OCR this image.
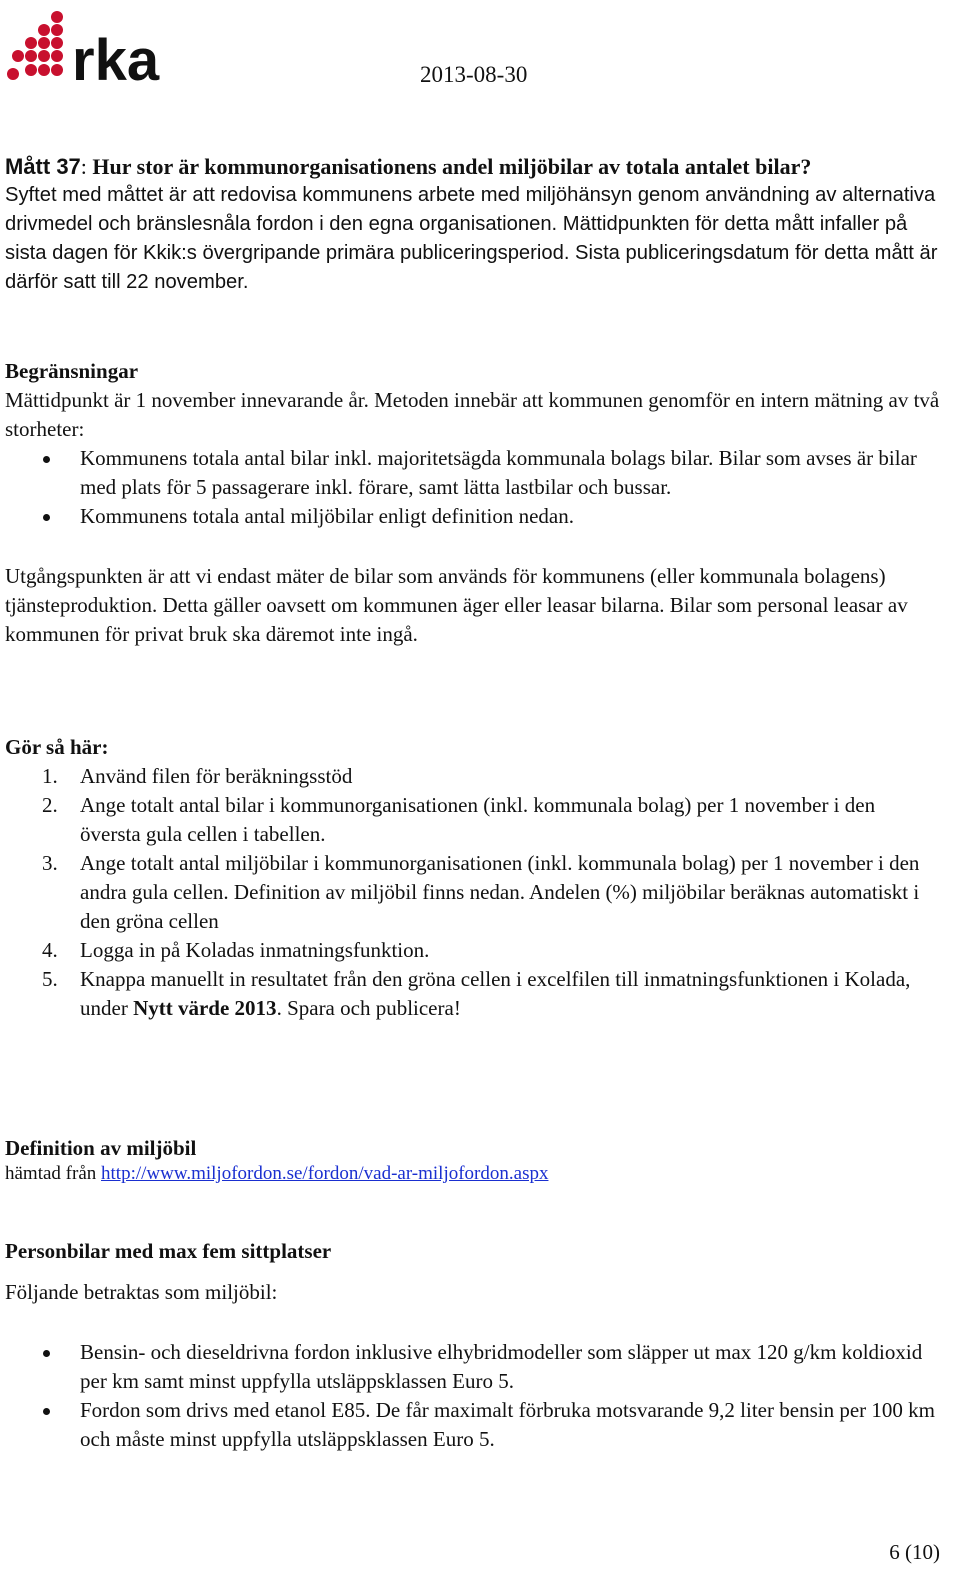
rka	2013-08-30

Mått 37: Hur stor är kommunorganisationens andel miljöbilar av totala antalet bilar?

Syftet med måttet är att redovisa kommunens arbete med miljöhänsyn genom användning av alternativa drivmedel och bränslesnåla fordon i den egna organisationen. Mättidpunkten för detta mått infaller på sista dagen för Kkik:s övergripande primära publiceringsperiod. Sista publiceringsdatum för detta mått är därför satt till 22 november.

Begränsningar

Mättidpunkt är 1 november innevarande år. Metoden innebär att kommunen genomför en intern mätning av två storheter:

Kommunens totala antal bilar inkl. majoritetsägda kommunala bolags bilar. Bilar som avses är bilar med plats för 5 passagerare inkl. förare, samt lätta lastbilar och bussar.
Kommunens totala antal miljöbilar enligt definition nedan.

Utgångspunkten är att vi endast mäter de bilar som används för kommunens (eller kommunala bolagens) tjänsteproduktion. Detta gäller oavsett om kommunen äger eller leasar bilarna. Bilar som personal leasar av kommunen för privat bruk ska däremot inte ingå.

Gör så här:

1. Använd filen för beräkningsstöd
2. Ange totalt antal bilar i kommunorganisationen (inkl. kommunala bolag) per 1 november i den översta gula cellen i tabellen.
3. Ange totalt antal miljöbilar i kommunorganisationen (inkl. kommunala bolag) per 1 november i den andra gula cellen. Definition av miljöbil finns nedan. Andelen (%) miljöbilar beräknas automatiskt i den gröna cellen
4. Logga in på Koladas inmatningsfunktion.
5. Knappa manuellt in resultatet från den gröna cellen i excelfilen till inmatningsfunktionen i Kolada, under Nytt värde 2013. Spara och publicera!

Definition av miljöbil

hämtad från http://www.miljofordon.se/fordon/vad-ar-miljofordon.aspx

Personbilar med max fem sittplatser

Följande betraktas som miljöbil:

Bensin- och dieseldrivna fordon inklusive elhybridmodeller som släpper ut max 120 g/km koldioxid per km samt minst uppfylla utsläppsklassen Euro 5.
Fordon som drivs med etanol E85. De får maximalt förbruka motsvarande 9,2 liter bensin per 100 km och måste minst uppfylla utsläppsklassen Euro 5.
6 (10)
